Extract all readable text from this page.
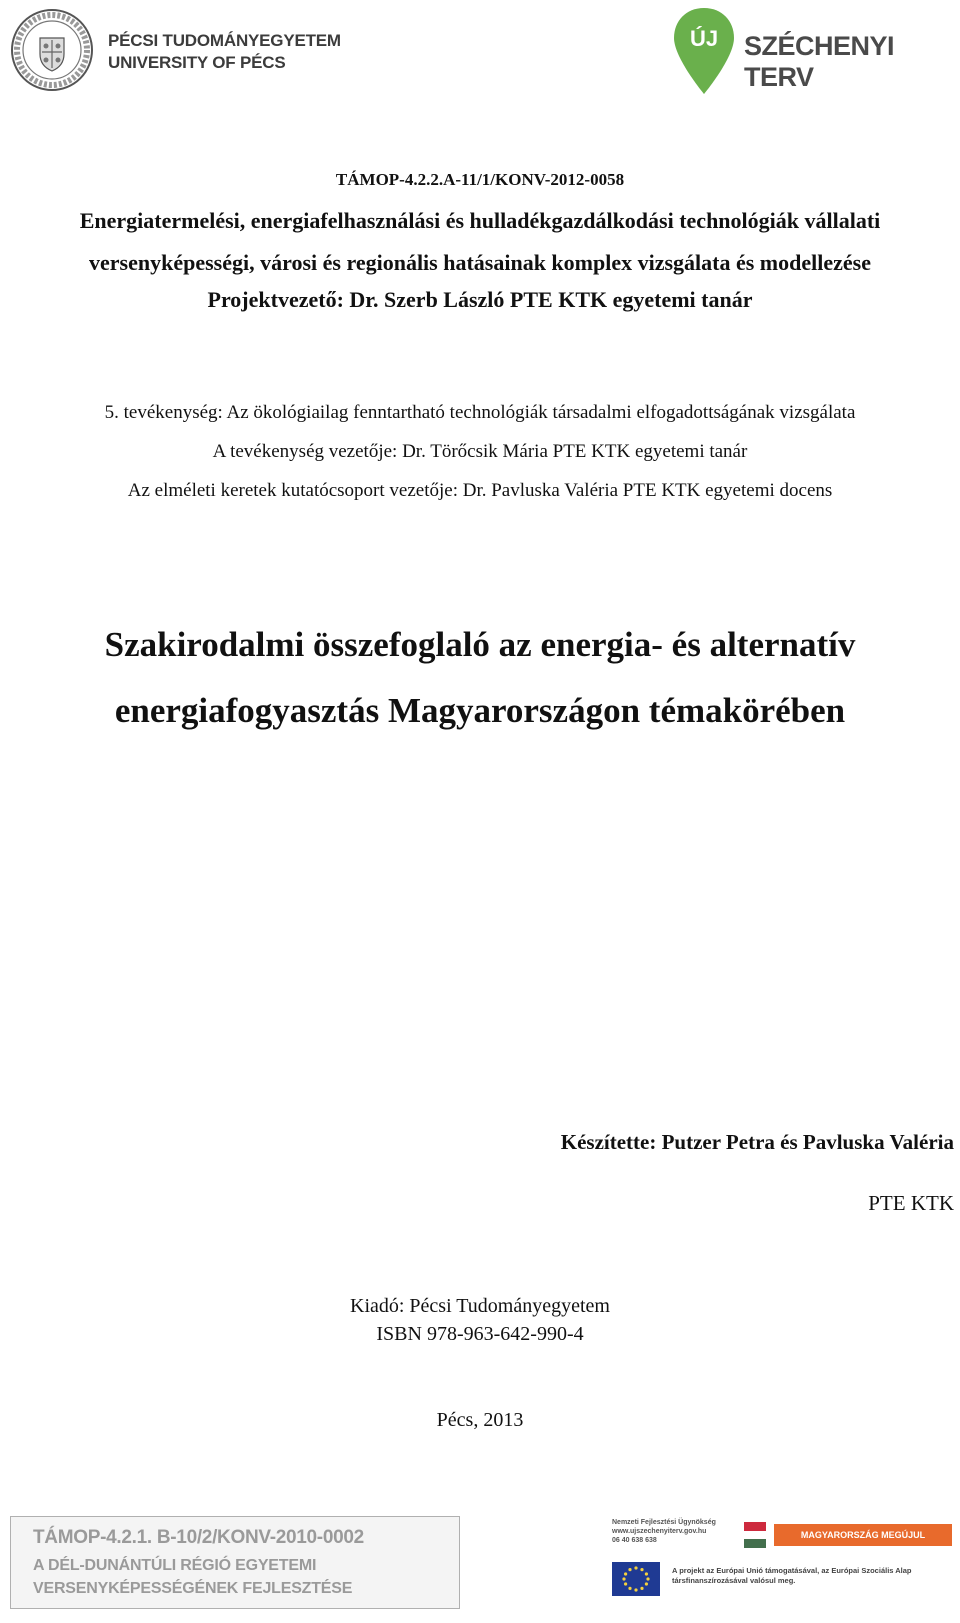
PÉCSI TUDOMÁNYEGYETEM
UNIVERSITY OF PÉCS
ÚJ SZÉCHENYI TERV
TÁMOP-4.2.2.A-11/1/KONV-2012-0058
Energiatermelési, energiafelhasználási és hulladékgazdálkodási technológiák vállalati
versenyképességi, városi és regionális hatásainak komplex vizsgálata és modellezése
Projektvezető: Dr. Szerb László PTE KTK egyetemi tanár
5. tevékenység: Az ökológiailag fenntartható technológiák társadalmi elfogadottságának vizsgálata
A tevékenység vezetője: Dr. Törőcsik Mária PTE KTK egyetemi tanár
Az elméleti keretek kutatócsoport vezetője: Dr. Pavluska Valéria PTE KTK egyetemi docens
Szakirodalmi összefoglaló az energia- és alternatív
energiafogyasztás Magyarországon témakörében
Készítette: Putzer Petra és Pavluska Valéria
PTE KTK
Kiadó: Pécsi Tudományegyetem
ISBN 978-963-642-990-4
Pécs, 2013
TÁMOP-4.2.1. B-10/2/KONV-2010-0002
A DÉL-DUNÁNTÚLI RÉGIÓ EGYETEMI
VERSENYKÉPESSÉGÉNEK FEJLESZTÉSE
Nemzeti Fejlesztési Ügynökség
www.ujszechenyiterv.gov.hu
06 40 638 638
MAGYARORSZÁG MEGÚJUL
A projekt az Európai Unió támogatásával, az Európai Szociális Alap társfinanszírozásával valósul meg.
